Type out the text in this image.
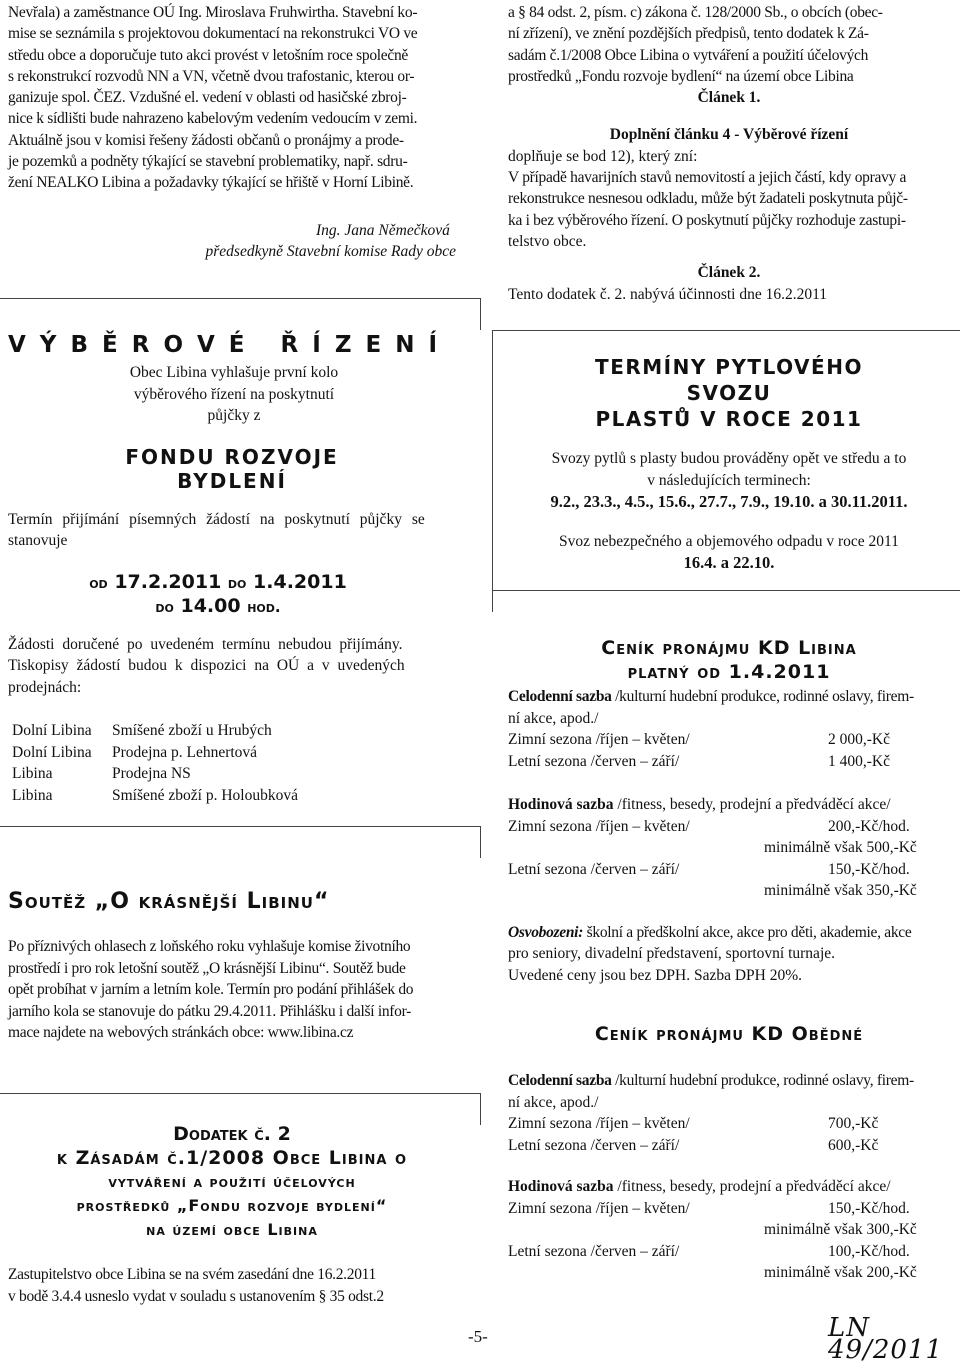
Nevřala) a zaměstnance OÚ Ing. Miroslava Fruhwirtha. Stavební ko-

mise se seznámila s projektovou dokumentací na rekonstrukci VO ve

středu obce a doporučuje tuto akci provést v letošním roce společně

s rekonstrukcí rozvodů NN a VN, včetně dvou trafostanic, kterou or-

ganizuje spol. ČEZ. Vzdušné el. vedení v oblasti od hasičské zbroj-

nice k sídlišti bude nahrazeno kabelovým vedením vedoucím v zemi.

Aktuálně jsou v komisi řešeny žádosti občanů o pronájmy a prode-

je pozemků a podněty týkající se stavební problematiky, např. sdru-

žení NEALKO Libina a požadavky týkající se hřiště v Horní Libině.

Ing. Jana Němečková

předsedkyně Stavební komise Rady obce

V Ý B Ě R O V É   Ř Í Z E N Í

Obec Libina vyhlašuje první kolo

výběrového řízení na poskytnutí

půjčky z

FONDU ROZVOJE

BYDLENÍ

Termín přijímání písemných žádostí na poskytnutí půjčky se

stanovuje

od 17.2.2011 do 1.4.2011

do 14.00 hod.

Žádosti doručené po uvedeném termínu nebudou přijímány.

Tiskopisy žádostí budou k dispozici na OÚ a v uvedených

prodejnách:

Dolní Libina	Smíšené zboží u Hrubých
Dolní Libina	Prodejna p. Lehnertová
Libina	Prodejna NS
Libina	Smíšené zboží p. Holoubková

Soutěž „O krásnější Libinu“

Po příznivých ohlasech z loňského roku vyhlašuje komise životního

prostředí i pro rok letošní soutěž „O krásnější Libinu“. Soutěž bude

opět probíhat v jarním a letním kole. Termín pro podání přihlášek do

jarního kola se stanovuje do pátku 29.4.2011. Přihlášku i další infor-

mace najdete na webových stránkách obce: www.libina.cz

Dodatek č. 2

k Zásadám č.1/2008 Obce Libina o

vytváření a použití účelových

prostředků „Fondu rozvoje bydlení“

na území obce Libina

Zastupitelstvo obce Libina se na svém zasedání dne 16.2.2011

v bodě 3.4.4 usneslo vydat v souladu s ustanovením § 35 odst.2

a § 84 odst. 2, písm. c) zákona č. 128/2000 Sb., o obcích (obec-

ní zřízení), ve znění pozdějších předpisů, tento dodatek k Zá-

sadám č.1/2008 Obce Libina o vytváření a použití účelových

prostředků „Fondu rozvoje bydlení“ na území obce Libina

Článek 1.

Doplnění článku 4 - Výběrové řízení

doplňuje se bod 12), který zní:

V případě havarijních stavů nemovitostí a jejich částí, kdy opravy a

rekonstrukce nesnesou odkladu, může být žadateli poskytnuta půjč-

ka i bez výběrového řízení. O poskytnutí půjčky rozhoduje zastupi-

telstvo obce.

Článek 2.

Tento dodatek č. 2. nabývá účinnosti dne 16.2.2011

TERMÍNY PYTLOVÉHO

SVOZU

PLASTŮ V ROCE 2011

Svozy pytlů s plasty budou prováděny opět ve středu a to

v následujících terminech:

9.2., 23.3., 4.5., 15.6., 27.7., 7.9., 19.10. a 30.11.2011.

Svoz nebezpečného a objemového odpadu v roce 2011

16.4. a 22.10.

Ceník pronájmu KD Libina

platný od 1.4.2011

Celodenní sazba /kulturní hudební produkce, rodinné oslavy, firem-

ní akce, apod./

Zimní sezona /říjen – květen/	2 000,-Kč
Letní sezona /červen – září/	1 400,-Kč

Hodinová sazba /fitness, besedy, prodejní a předváděcí akce/

Zimní sezona /říjen – květen/	200,-Kč/hod.

minimálně však 500,-Kč

Letní sezona /červen – září/	150,-Kč/hod.

minimálně však 350,-Kč

Osvobozeni: školní a předškolní akce, akce pro děti, akademie, akce

pro seniory, divadelní představení, sportovní turnaje.

Uvedené ceny jsou bez DPH. Sazba DPH 20%.

Ceník pronájmu KD Obědné

Celodenní sazba /kulturní hudební produkce, rodinné oslavy, firem-

ní akce, apod./

Zimní sezona /říjen – květen/	700,-Kč
Letní sezona /červen – září/	600,-Kč

Hodinová sazba /fitness, besedy, prodejní a předváděcí akce/

Zimní sezona /říjen – květen/	150,-Kč/hod.

minimálně však 300,-Kč

Letní sezona /červen – září/	100,-Kč/hod.

minimálně však 200,-Kč

-5-	LN 49/2011
